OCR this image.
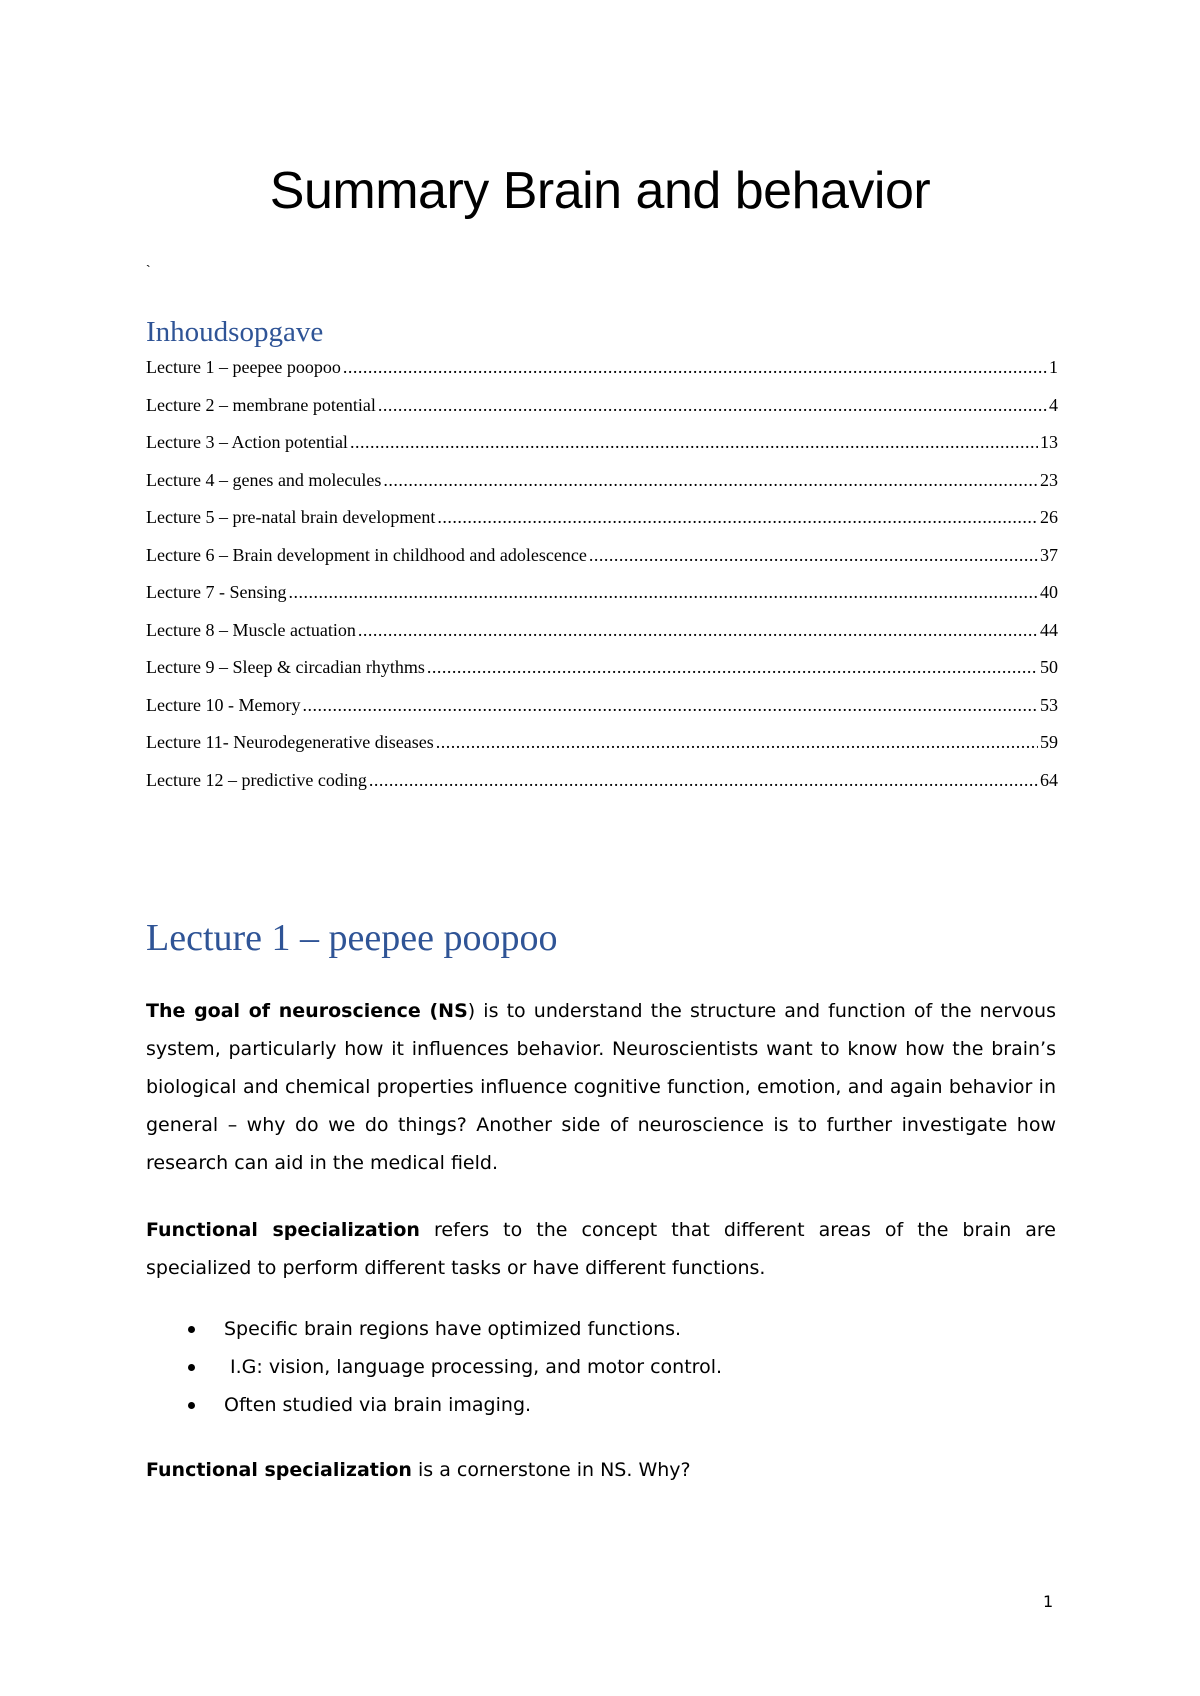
Summary Brain and behavior
`
Inhoudsopgave
Lecture 1 – peepee poopoo .....	1
Lecture 2 – membrane potential .....	4
Lecture 3 – Action potential .....	13
Lecture 4 – genes and molecules .....	23
Lecture 5 – pre-natal brain development .....	26
Lecture 6 – Brain development in childhood and adolescence .....	37
Lecture 7 - Sensing .....	40
Lecture 8 – Muscle actuation .....	44
Lecture 9 – Sleep & circadian rhythms .....	50
Lecture 10 - Memory .....	53
Lecture 11- Neurodegenerative diseases .....	59
Lecture 12 – predictive coding .....	64
Lecture 1 – peepee poopoo

The goal of neuroscience (NS) is to understand the structure and function of the nervous system, particularly how it influences behavior. Neuroscientists want to know how the brain’s biological and chemical properties influence cognitive function, emotion, and again behavior in general – why do we do things? Another side of neuroscience is to further investigate how research can aid in the medical field.

Functional specialization refers to the concept that different areas of the brain are specialized to perform different tasks or have different functions.

Specific brain regions have optimized functions.
I.G: vision, language processing, and motor control.
Often studied via brain imaging.

Functional specialization is a cornerstone in NS. Why?

1
